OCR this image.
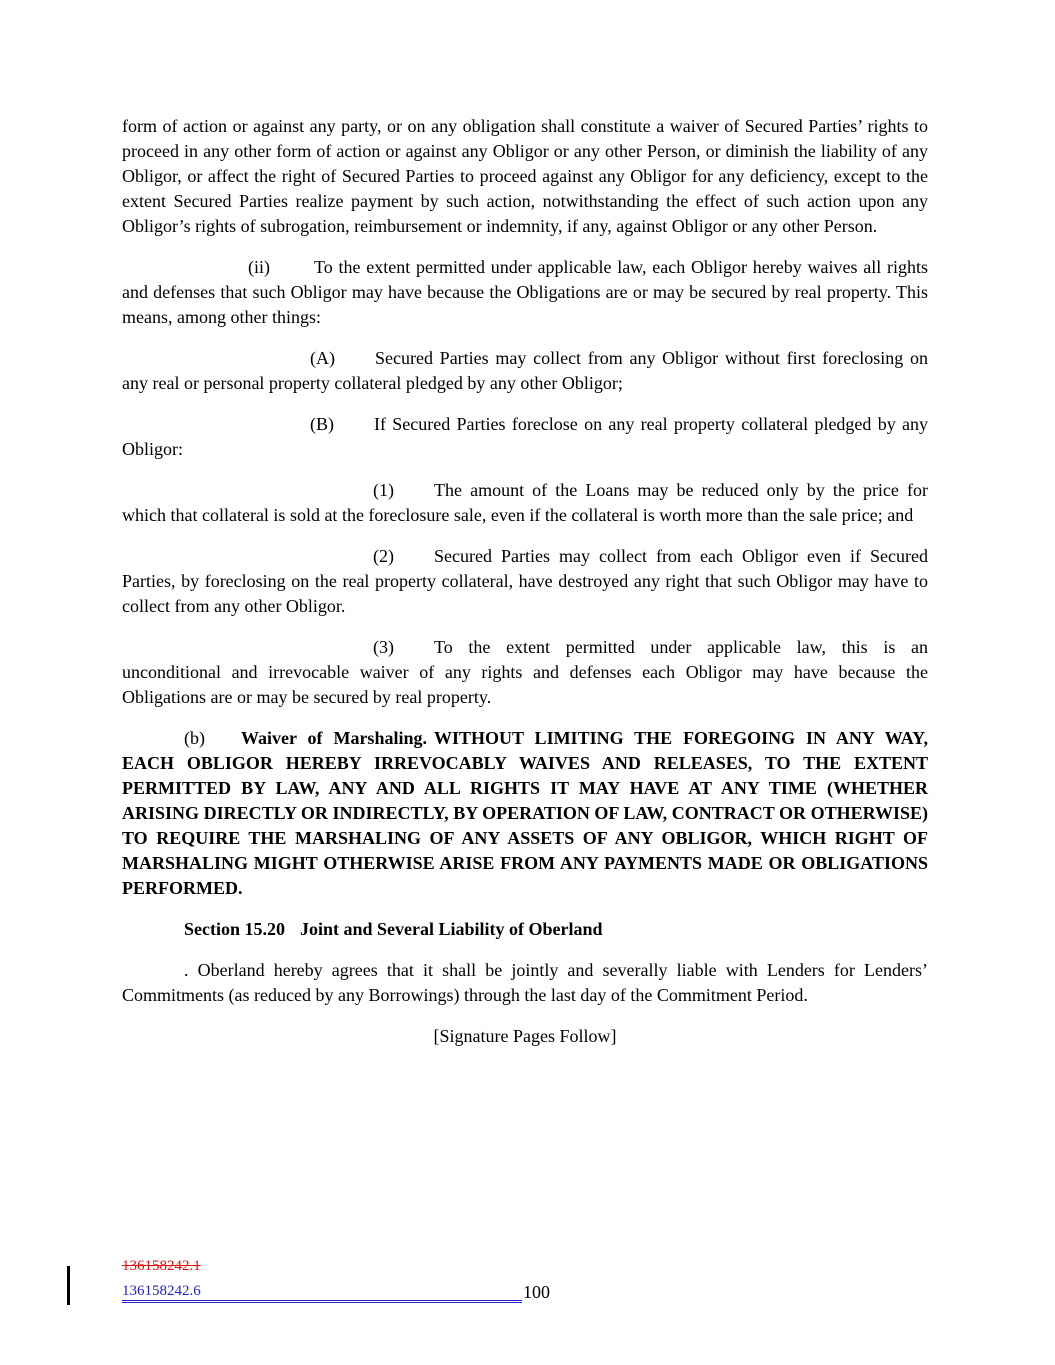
form of action or against any party, or on any obligation shall constitute a waiver of Secured Parties’ rights to proceed in any other form of action or against any Obligor or any other Person, or diminish the liability of any Obligor, or affect the right of Secured Parties to proceed against any Obligor for any deficiency, except to the extent Secured Parties realize payment by such action, notwithstanding the effect of such action upon any Obligor’s rights of subrogation, reimbursement or indemnity, if any, against Obligor or any other Person.

(ii) To the extent permitted under applicable law, each Obligor hereby waives all rights and defenses that such Obligor may have because the Obligations are or may be secured by real property. This means, among other things:

(A) Secured Parties may collect from any Obligor without first foreclosing on any real or personal property collateral pledged by any other Obligor;

(B) If Secured Parties foreclose on any real property collateral pledged by any Obligor:

(1) The amount of the Loans may be reduced only by the price for which that collateral is sold at the foreclosure sale, even if the collateral is worth more than the sale price; and

(2) Secured Parties may collect from each Obligor even if Secured Parties, by foreclosing on the real property collateral, have destroyed any right that such Obligor may have to collect from any other Obligor.

(3) To the extent permitted under applicable law, this is an unconditional and irrevocable waiver of any rights and defenses each Obligor may have because the Obligations are or may be secured by real property.

(b) Waiver of Marshaling. WITHOUT LIMITING THE FOREGOING IN ANY WAY, EACH OBLIGOR HEREBY IRREVOCABLY WAIVES AND RELEASES, TO THE EXTENT PERMITTED BY LAW, ANY AND ALL RIGHTS IT MAY HAVE AT ANY TIME (WHETHER ARISING DIRECTLY OR INDIRECTLY, BY OPERATION OF LAW, CONTRACT OR OTHERWISE) TO REQUIRE THE MARSHALING OF ANY ASSETS OF ANY OBLIGOR, WHICH RIGHT OF MARSHALING MIGHT OTHERWISE ARISE FROM ANY PAYMENTS MADE OR OBLIGATIONS PERFORMED.

Section 15.20 Joint and Several Liability of Oberland

. Oberland hereby agrees that it shall be jointly and severally liable with Lenders for Lenders’ Commitments (as reduced by any Borrowings) through the last day of the Commitment Period.

[Signature Pages Follow]

136158242.1
136158242.6	100
